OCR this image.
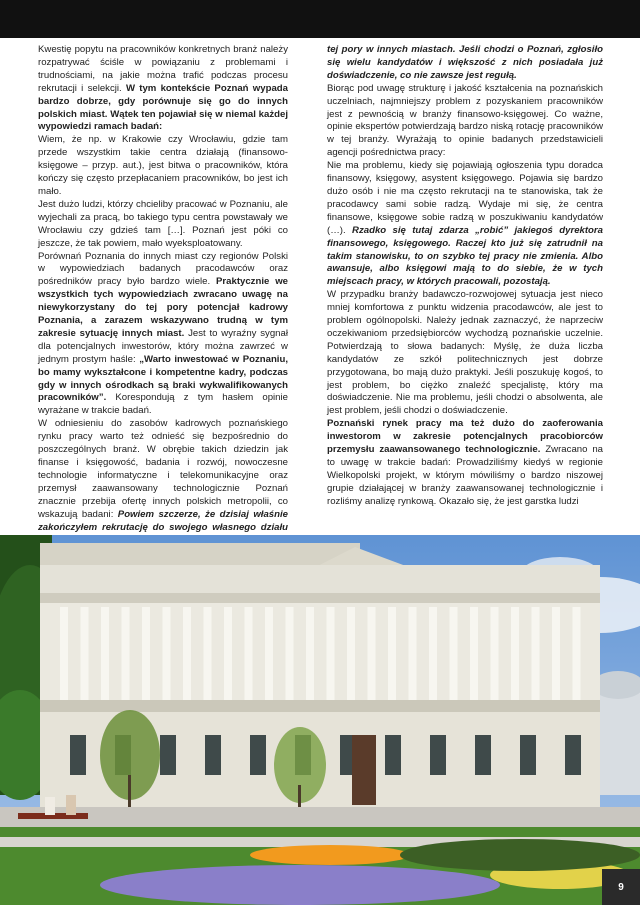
Kwestię popytu na pracowników konkretnych branż należy rozpatrywać ściśle w powiązaniu z problemami i trudnościami, na jakie można trafić podczas procesu rekrutacji i selekcji. W tym kontekście Poznań wypada bardzo dobrze, gdy porównuje się go do innych polskich miast. Wątek ten pojawiał się w niemal każdej wypowiedzi ramach badań:

Wiem, że np. w Krakowie czy Wrocławiu, gdzie tam przede wszystkim takie centra działają (finansowo-księgowe – przyp. aut.), jest bitwa o pracowników, która kończy się często przepłacaniem pracowników, bo jest ich mało.

Jest dużo ludzi, którzy chcieliby pracować w Poznaniu, ale wyjechali za pracą, bo takiego typu centra powstawały we Wrocławiu czy gdzieś tam […]. Poznań jest póki co jeszcze, że tak powiem, mało wyeksploatowany.

Porównań Poznania do innych miast czy regionów Polski w wypowiedziach badanych pracodawców oraz pośredników pracy było bardzo wiele. Praktycznie we wszystkich tych wypowiedziach zwracano uwagę na niewykorzystany do tej pory potencjał kadrowy Poznania, a zarazem wskazywano trudną w tym zakresie sytuację innych miast. Jest to wyraźny sygnał dla potencjalnych inwestorów, który można zawrzeć w jednym prostym haśle: „Warto inwestować w Poznaniu, bo mamy wykształcone i kompetentne kadry, podczas gdy w innych ośrodkach są braki wykwalifikowanych pracowników”. Korespondują z tym hasłem opinie wyrażane w trakcie badań.

W odniesieniu do zasobów kadrowych poznańskiego rynku pracy warto też odnieść się bezpośrednio do poszczególnych branż. W obrębie takich dziedzin jak finanse i księgowość, badania i rozwój, nowoczesne technologie informatyczne i telekomunikacyjne oraz przemysł zaawansowany technologicznie Poznań znacznie przebija ofertę innych polskich metropolii, co wskazują badani: Powiem szczerze, że dzisiaj właśnie zakończyłem rekrutację do swojego własnego działu

tej pory w innych miastach. Jeśli chodzi o Poznań, zgłosiło się wielu kandydatów i większość z nich posiadała już doświadczenie, co nie zawsze jest regułą.

Biorąc pod uwagę strukturę i jakość kształcenia na poznańskich uczelniach, najmniejszy problem z pozyskaniem pracowników jest z pewnością w branży finansowo-księgowej. Co ważne, opinie ekspertów potwierdzają bardzo niską rotację pracowników w tej branży. Wyrażają to opinie badanych przedstawicieli agencji pośrednictwa pracy:

Nie ma problemu, kiedy się pojawiają ogłoszenia typu doradca finansowy, księgowy, asystent księgowego. Pojawia się bardzo dużo osób i nie ma często rekrutacji na te stanowiska, tak że pracodawcy sami sobie radzą. Wydaje mi się, że centra finansowe, księgowe sobie radzą w poszukiwaniu kandydatów (…). Rzadko się tutaj zdarza „robić” jakiegoś dyrektora finansowego, księgowego. Raczej kto już się zatrudnił na takim stanowisku, to on szybko tej pracy nie zmienia. Albo awansuje, albo księgowi mają to do siebie, że w tych miejscach pracy, w których pracowali, pozostają.

W przypadku branży badawczo-rozwojowej sytuacja jest nieco mniej komfortowa z punktu widzenia pracodawców, ale jest to problem ogólnopolski. Należy jednak zaznaczyć, że naprzeciw oczekiwaniom przedsiębiorców wychodzą poznańskie uczelnie. Potwierdzają to słowa badanych: Myślę, że duża liczba kandydatów ze szkół politechnicznych jest dobrze przygotowana, bo mają dużo praktyki. Jeśli poszukuję kogoś, to jest problem, bo ciężko znaleźć specjalistę, który ma doświadczenie. Nie ma problemu, jeśli chodzi o absolwenta, ale jest problem, jeśli chodzi o doświadczenie.

Poznański rynek pracy ma też dużo do zaoferowania inwestorom w zakresie potencjalnych pracobiorców przemysłu zaawansowanego technologicznie. Zwracano na to uwagę w trakcie badań: Prowadziliśmy kiedyś w regionie Wielkopolski projekt, w którym mówiliśmy o bardzo niszowej grupie działającej w branży zaawansowanej technologicznie i rozliśmy analizę rynkową. Okazało się, że jest garstka ludzi

9
